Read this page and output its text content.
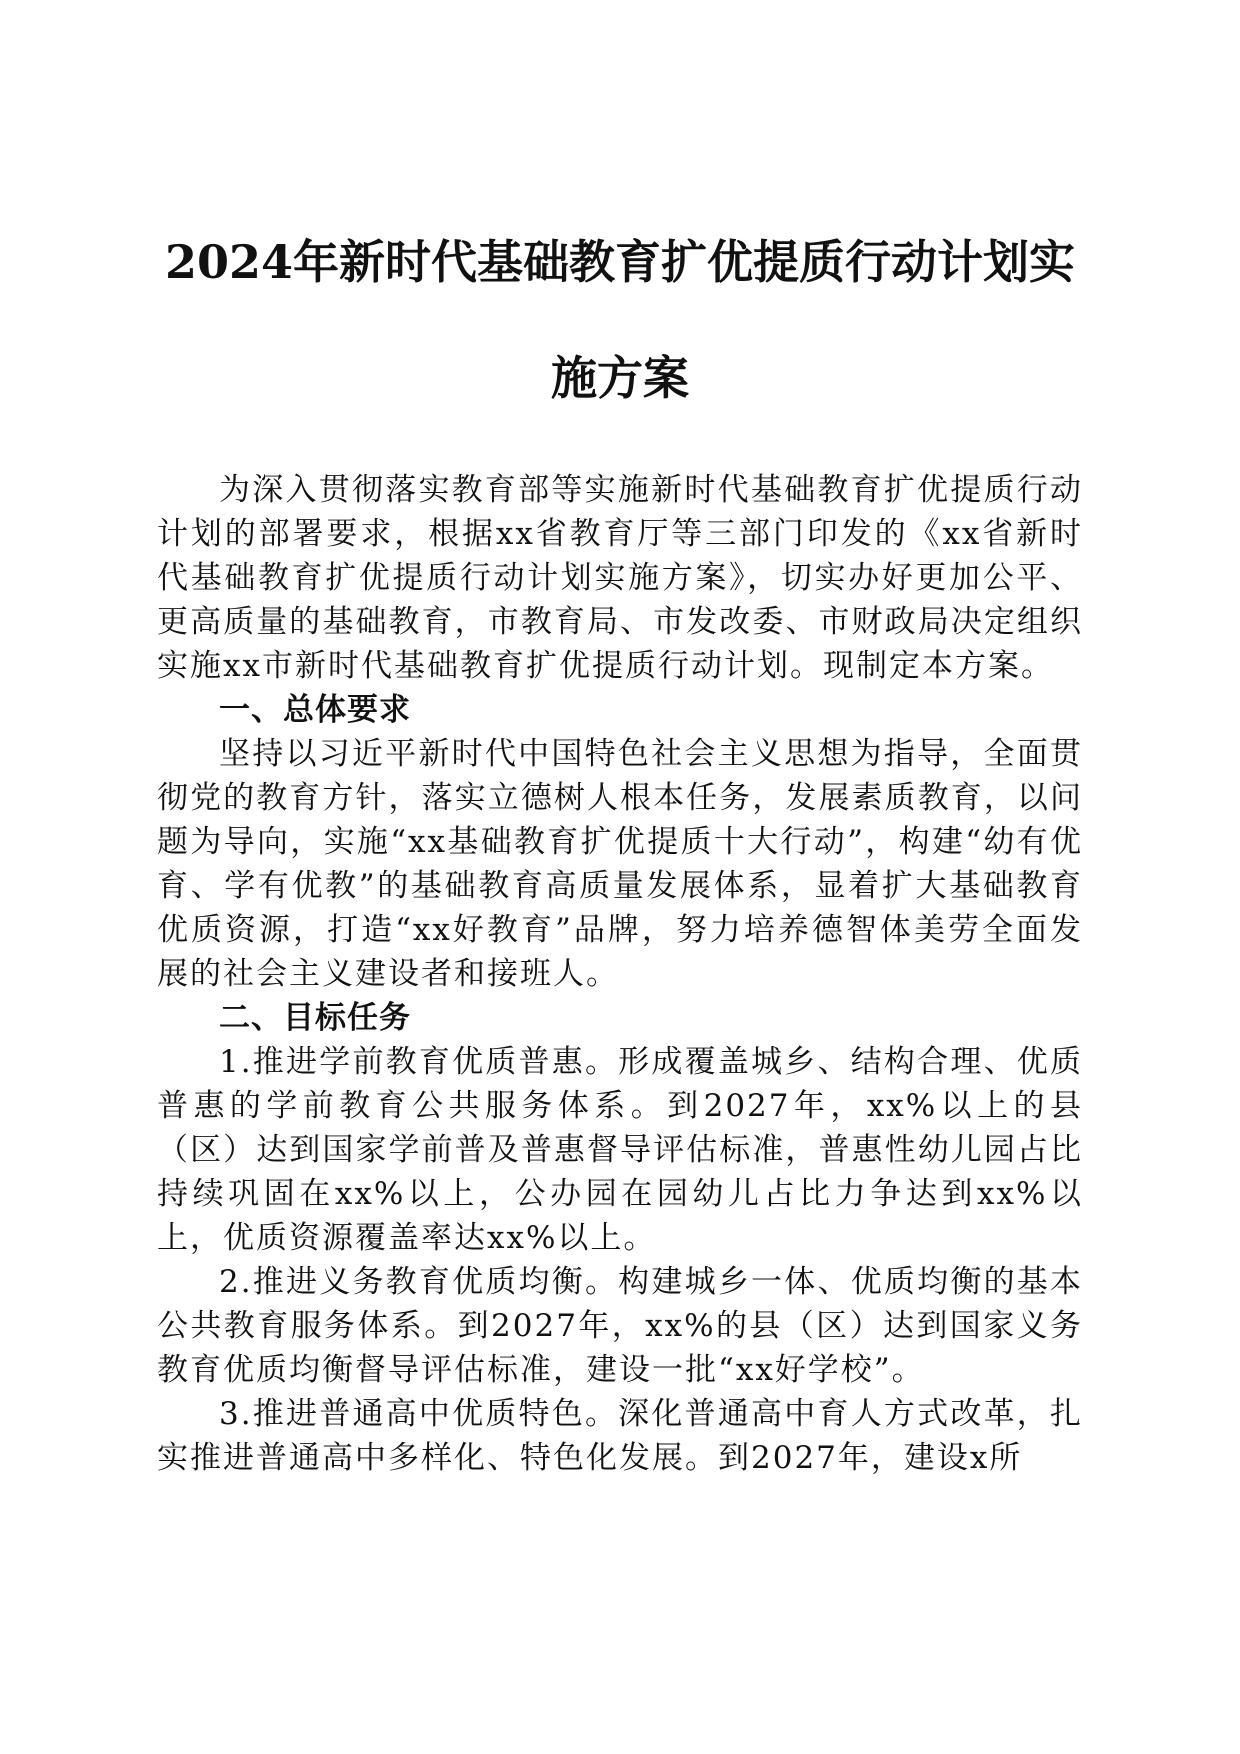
2024年新时代基础教育扩优提质行动计划实
施方案

为深入贯彻落实教育部等实施新时代基础教育扩优提质行动计划的部署要求，根据xx省教育厅等三部门印发的《xx省新时代基础教育扩优提质行动计划实施方案》，切实办好更加公平、更高质量的基础教育，市教育局、市发改委、市财政局决定组织实施xx市新时代基础教育扩优提质行动计划。现制定本方案。

一、总体要求

坚持以习近平新时代中国特色社会主义思想为指导，全面贯彻党的教育方针，落实立德树人根本任务，发展素质教育，以问题为导向，实施“xx基础教育扩优提质十大行动”，构建“幼有优育、学有优教”的基础教育高质量发展体系，显着扩大基础教育优质资源，打造“xx好教育”品牌，努力培养德智体美劳全面发展的社会主义建设者和接班人。

二、目标任务

1.推进学前教育优质普惠。形成覆盖城乡、结构合理、优质普惠的学前教育公共服务体系。到2027年，xx%以上的县（区）达到国家学前普及普惠督导评估标准，普惠性幼儿园占比持续巩固在xx%以上，公办园在园幼儿占比力争达到xx%以上，优质资源覆盖率达xx%以上。

2.推进义务教育优质均衡。构建城乡一体、优质均衡的基本公共教育服务体系。到2027年，xx%的县（区）达到国家义务教育优质均衡督导评估标准，建设一批“xx好学校”。

3.推进普通高中优质特色。深化普通高中育人方式改革，扎实推进普通高中多样化、特色化发展。到2027年，建设x所
